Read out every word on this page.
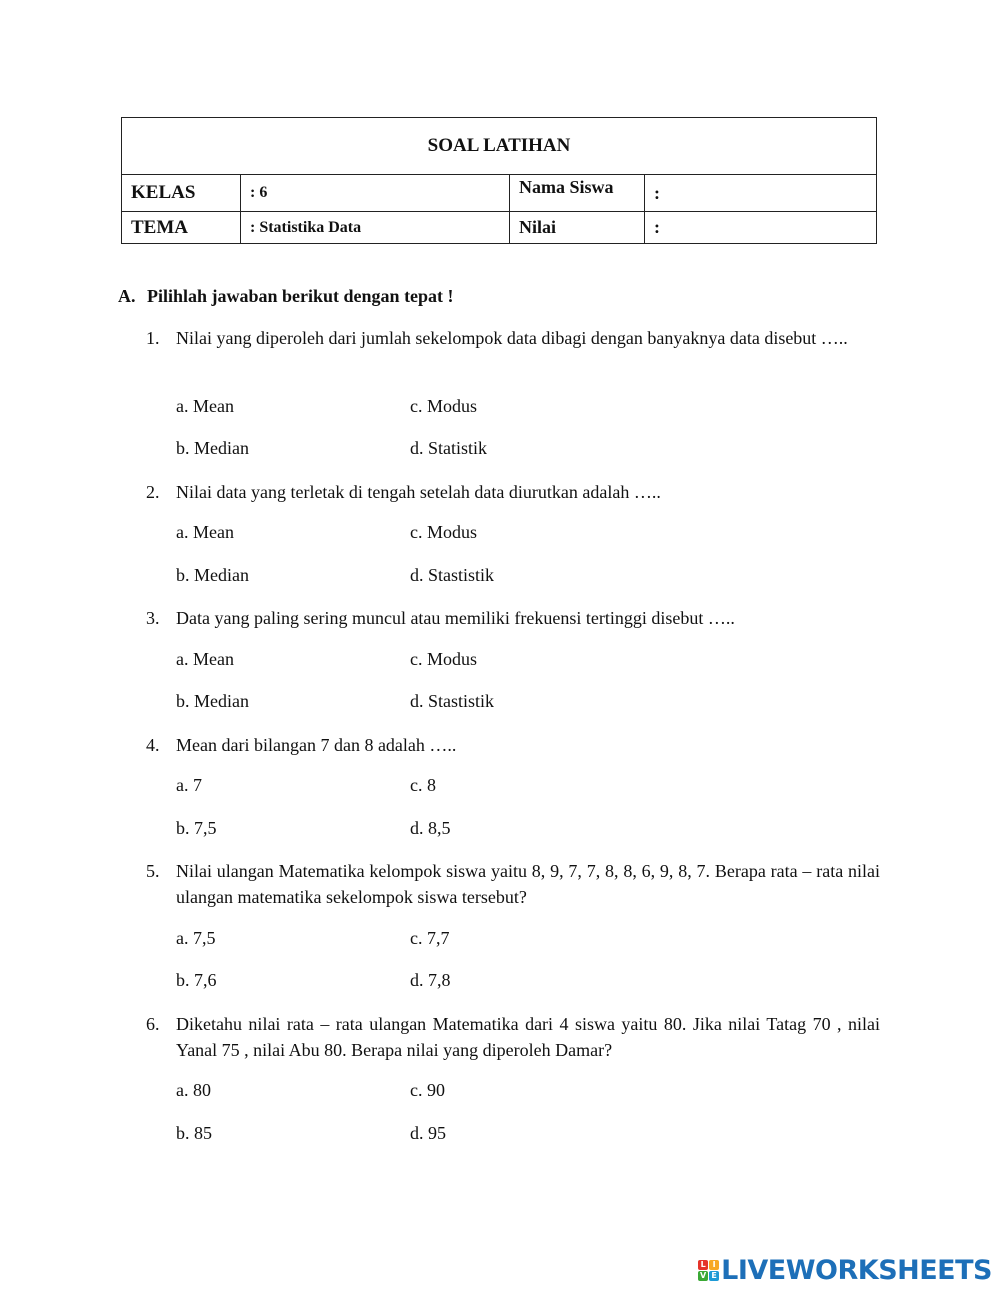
SOAL LATIHAN			
KELAS	: 6	Nama Siswa	:
TEMA	: Statistika Data	Nilai	:
A. Pilihlah jawaban berikut dengan tepat !
1. Nilai yang diperoleh dari jumlah sekelompok data dibagi dengan banyaknya data disebut …..
a. Mean	c. Modus
b. Median	d. Statistik
2. Nilai data yang terletak di tengah setelah data diurutkan adalah …..
a. Mean	c. Modus
b. Median	d. Stastistik
3. Data yang paling sering muncul atau memiliki frekuensi tertinggi disebut …..
a. Mean	c. Modus
b. Median	d. Stastistik
4. Mean dari bilangan 7 dan 8 adalah …..
a. 7	c. 8
b. 7,5	d. 8,5
5. Nilai ulangan Matematika kelompok siswa yaitu 8, 9, 7, 7, 8, 8, 6, 9, 8, 7. Berapa rata – rata nilai ulangan matematika sekelompok siswa tersebut?
a. 7,5	c. 7,7
b. 7,6	d. 7,8
6. Diketahu nilai rata – rata ulangan Matematika dari 4 siswa yaitu 80. Jika nilai Tatag 70 , nilai Yanal 75 , nilai Abu 80. Berapa nilai yang diperoleh Damar?
a. 80	c. 90
b. 85	d. 95
L I
V E LIVEWORKSHEETS
